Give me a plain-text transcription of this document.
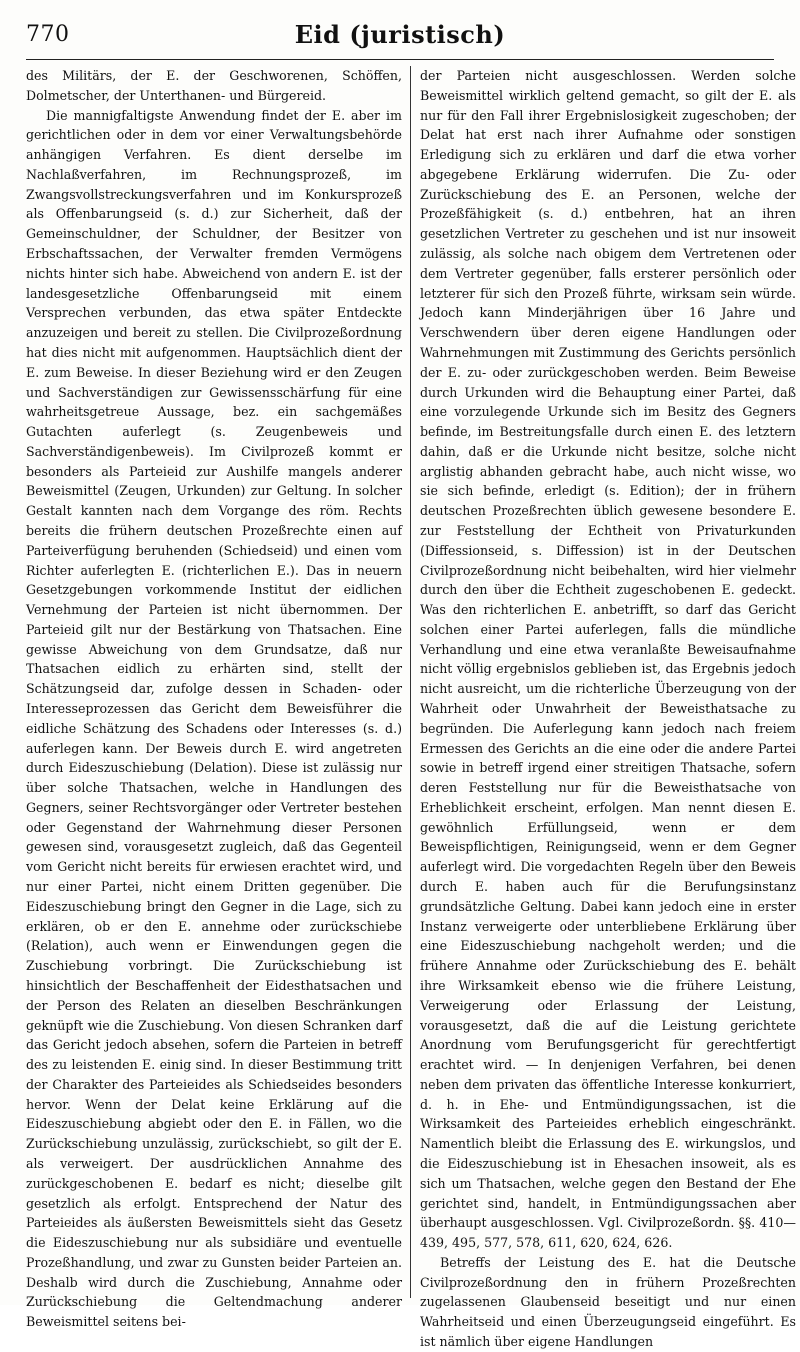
770	Eid (juristisch)

des Militärs, der E. der Geschworenen, Schöffen, Dolmetscher, der Unterthanen- und Bürgereid.

Die mannigfaltigste Anwendung findet der E. aber im gerichtlichen oder in dem vor einer Verwaltungsbehörde anhängigen Verfahren. Es dient derselbe im Nachlaßverfahren, im Rechnungsprozeß, im Zwangsvollstreckungsverfahren und im Konkursprozeß als Offenbarungseid (s. d.) zur Sicherheit, daß der Gemeinschuldner, der Schuldner, der Besitzer von Erbschaftssachen, der Verwalter fremden Vermögens nichts hinter sich habe. Abweichend von andern E. ist der landesgesetzliche Offenbarungseid mit einem Versprechen verbunden, das etwa später Entdeckte anzuzeigen und bereit zu stellen. Die Civilprozeßordnung hat dies nicht mit aufgenommen. Hauptsächlich dient der E. zum Beweise. In dieser Beziehung wird er den Zeugen und Sachverständigen zur Gewissensschärfung für eine wahrheitsgetreue Aussage, bez. ein sachgemäßes Gutachten auferlegt (s. Zeugenbeweis und Sachverständigenbeweis). Im Civilprozeß kommt er besonders als Parteieid zur Aushilfe mangels anderer Beweismittel (Zeugen, Urkunden) zur Geltung. In solcher Gestalt kannten nach dem Vorgange des röm. Rechts bereits die frühern deutschen Prozeßrechte einen auf Parteiverfügung beruhenden (Schiedseid) und einen vom Richter auferlegten E. (richterlichen E.). Das in neuern Gesetzgebungen vorkommende Institut der eidlichen Vernehmung der Parteien ist nicht übernommen. Der Parteieid gilt nur der Bestärkung von Thatsachen. Eine gewisse Abweichung von dem Grundsatze, daß nur Thatsachen eidlich zu erhärten sind, stellt der Schätzungseid dar, zufolge dessen in Schaden- oder Interesseprozessen das Gericht dem Beweisführer die eidliche Schätzung des Schadens oder Interesses (s. d.) auferlegen kann. Der Beweis durch E. wird angetreten durch Eideszuschiebung (Delation). Diese ist zulässig nur über solche Thatsachen, welche in Handlungen des Gegners, seiner Rechtsvorgänger oder Vertreter bestehen oder Gegenstand der Wahrnehmung dieser Personen gewesen sind, vorausgesetzt zugleich, daß das Gegenteil vom Gericht nicht bereits für erwiesen erachtet wird, und nur einer Partei, nicht einem Dritten gegenüber. Die Eideszuschiebung bringt den Gegner in die Lage, sich zu erklären, ob er den E. annehme oder zurückschiebe (Relation), auch wenn er Einwendungen gegen die Zuschiebung vorbringt. Die Zurückschiebung ist hinsichtlich der Beschaffenheit der Eidesthatsachen und der Person des Relaten an dieselben Beschränkungen geknüpft wie die Zuschiebung. Von diesen Schranken darf das Gericht jedoch absehen, sofern die Parteien in betreff des zu leistenden E. einig sind. In dieser Bestimmung tritt der Charakter des Parteieides als Schiedseides besonders hervor. Wenn der Delat keine Erklärung auf die Eideszuschiebung abgiebt oder den E. in Fällen, wo die Zurückschiebung unzulässig, zurückschiebt, so gilt der E. als verweigert. Der ausdrücklichen Annahme des zurückgeschobenen E. bedarf es nicht; dieselbe gilt gesetzlich als erfolgt. Entsprechend der Natur des Parteieides als äußersten Beweismittels sieht das Gesetz die Eideszuschiebung nur als subsidiäre und eventuelle Prozeßhandlung, und zwar zu Gunsten beider Parteien an. Deshalb wird durch die Zuschiebung, Annahme oder Zurückschiebung die Geltendmachung anderer Beweismittel seitens bei-

der Parteien nicht ausgeschlossen. Werden solche Beweismittel wirklich geltend gemacht, so gilt der E. als nur für den Fall ihrer Ergebnislosigkeit zugeschoben; der Delat hat erst nach ihrer Aufnahme oder sonstigen Erledigung sich zu erklären und darf die etwa vorher abgegebene Erklärung widerrufen. Die Zu- oder Zurückschiebung des E. an Personen, welche der Prozeßfähigkeit (s. d.) entbehren, hat an ihren gesetzlichen Vertreter zu geschehen und ist nur insoweit zulässig, als solche nach obigem dem Vertretenen oder dem Vertreter gegenüber, falls ersterer persönlich oder letzterer für sich den Prozeß führte, wirksam sein würde. Jedoch kann Minderjährigen über 16 Jahre und Verschwendern über deren eigene Handlungen oder Wahrnehmungen mit Zustimmung des Gerichts persönlich der E. zu- oder zurückgeschoben werden. Beim Beweise durch Urkunden wird die Behauptung einer Partei, daß eine vorzulegende Urkunde sich im Besitz des Gegners befinde, im Bestreitungsfalle durch einen E. des letztern dahin, daß er die Urkunde nicht besitze, solche nicht arglistig abhanden gebracht habe, auch nicht wisse, wo sie sich befinde, erledigt (s. Edition); der in frühern deutschen Prozeßrechten üblich gewesene besondere E. zur Feststellung der Echtheit von Privaturkunden (Diffessionseid, s. Diffession) ist in der Deutschen Civilprozeßordnung nicht beibehalten, wird hier vielmehr durch den über die Echtheit zugeschobenen E. gedeckt. Was den richterlichen E. anbetrifft, so darf das Gericht solchen einer Partei auferlegen, falls die mündliche Verhandlung und eine etwa veranlaßte Beweisaufnahme nicht völlig ergebnislos geblieben ist, das Ergebnis jedoch nicht ausreicht, um die richterliche Überzeugung von der Wahrheit oder Unwahrheit der Beweisthatsache zu begründen. Die Auferlegung kann jedoch nach freiem Ermessen des Gerichts an die eine oder die andere Partei sowie in betreff irgend einer streitigen Thatsache, sofern deren Feststellung nur für die Beweisthatsache von Erheblichkeit erscheint, erfolgen. Man nennt diesen E. gewöhnlich Erfüllungseid, wenn er dem Beweispflichtigen, Reinigungseid, wenn er dem Gegner auferlegt wird. Die vorgedachten Regeln über den Beweis durch E. haben auch für die Berufungsinstanz grundsätzliche Geltung. Dabei kann jedoch eine in erster Instanz verweigerte oder unterbliebene Erklärung über eine Eideszuschiebung nachgeholt werden; und die frühere Annahme oder Zurückschiebung des E. behält ihre Wirksamkeit ebenso wie die frühere Leistung, Verweigerung oder Erlassung der Leistung, vorausgesetzt, daß die auf die Leistung gerichtete Anordnung vom Berufungsgericht für gerechtfertigt erachtet wird. — In denjenigen Verfahren, bei denen neben dem privaten das öffentliche Interesse konkurriert, d. h. in Ehe- und Entmündigungssachen, ist die Wirksamkeit des Parteieides erheblich eingeschränkt. Namentlich bleibt die Erlassung des E. wirkungslos, und die Eideszuschiebung ist in Ehesachen insoweit, als es sich um Thatsachen, welche gegen den Bestand der Ehe gerichtet sind, handelt, in Entmündigungssachen aber überhaupt ausgeschlossen. Vgl. Civilprozeßordn. §§. 410—439, 495, 577, 578, 611, 620, 624, 626.

Betreffs der Leistung des E. hat die Deutsche Civilprozeßordnung den in frühern Prozeßrechten zugelassenen Glaubenseid beseitigt und nur einen Wahrheitseid und einen Überzeugungseid eingeführt. Es ist nämlich über eigene Handlungen
